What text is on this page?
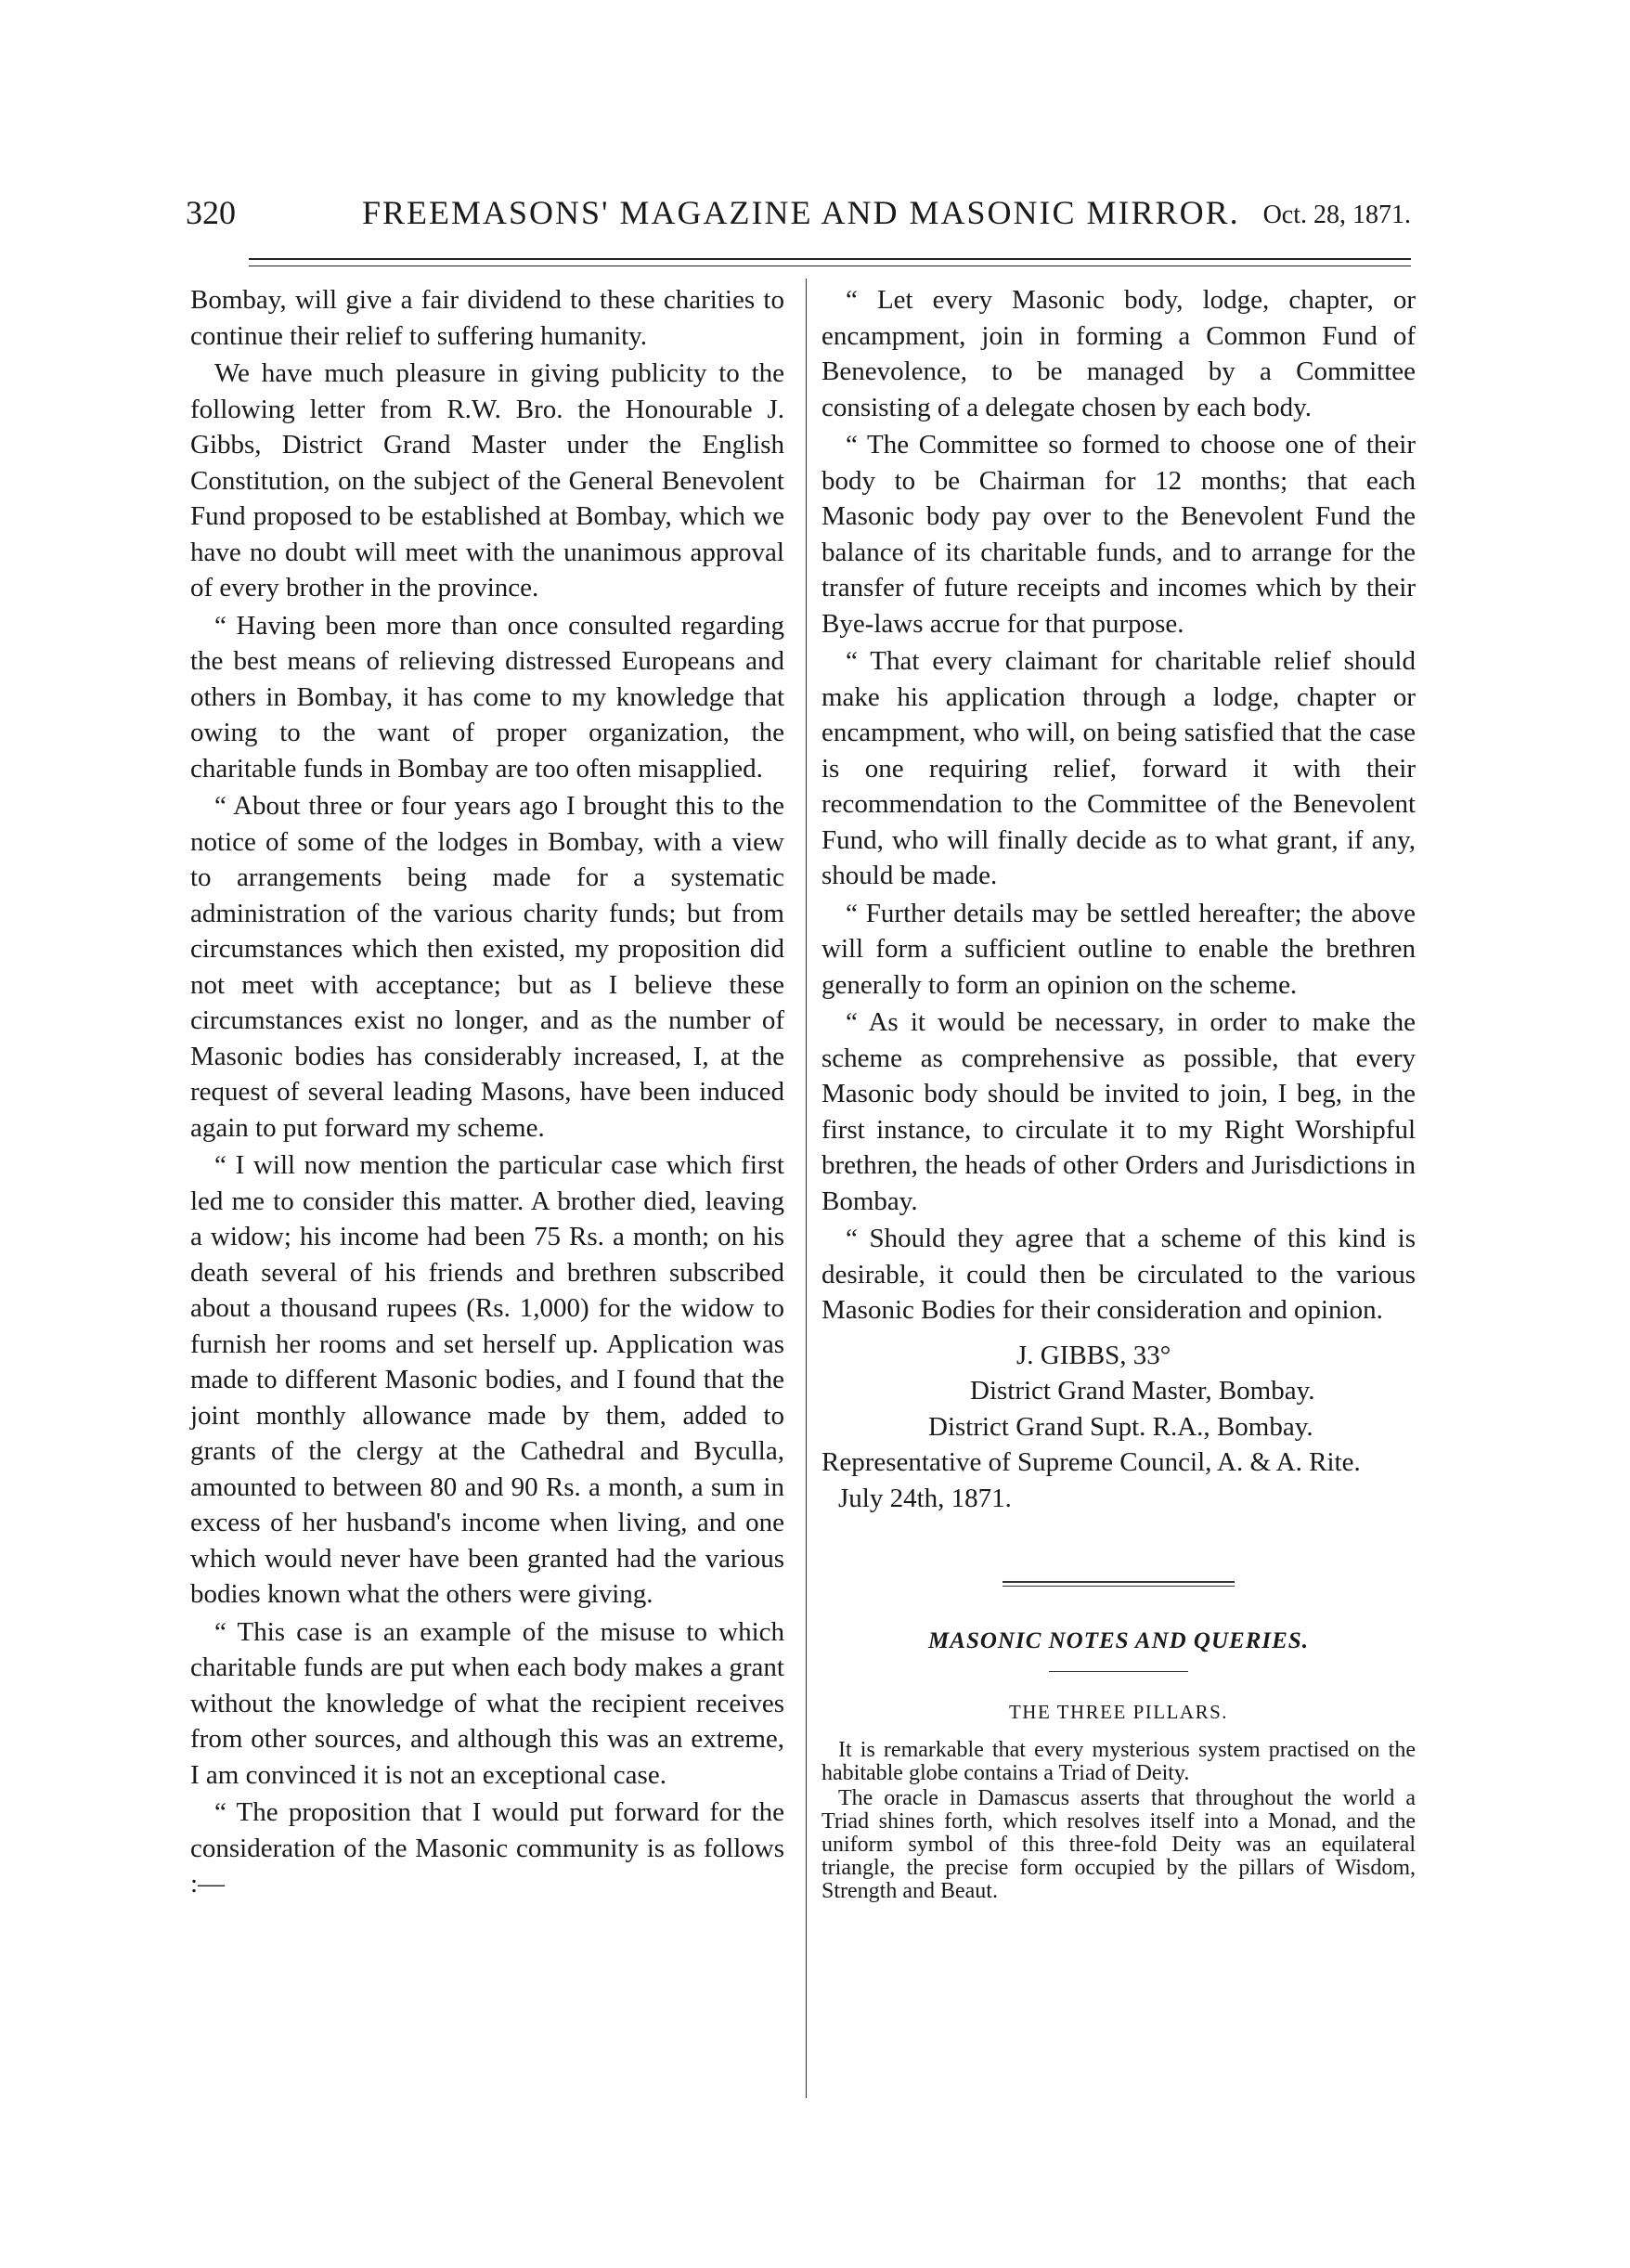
320	FREEMASONS' MAGAZINE AND MASONIC MIRROR. Oct. 28, 1871.

Bombay, will give a fair dividend to these charities to continue their relief to suffering humanity.

We have much pleasure in giving publicity to the following letter from R.W. Bro. the Honourable J. Gibbs, District Grand Master under the English Constitution, on the subject of the General Benevolent Fund proposed to be established at Bombay, which we have no doubt will meet with the unanimous approval of every brother in the province.

“ Having been more than once consulted regarding the best means of relieving distressed Europeans and others in Bombay, it has come to my knowledge that owing to the want of proper organization, the charitable funds in Bombay are too often misapplied.

“ About three or four years ago I brought this to the notice of some of the lodges in Bombay, with a view to arrangements being made for a systematic administration of the various charity funds; but from circumstances which then existed, my proposition did not meet with acceptance; but as I believe these circumstances exist no longer, and as the number of Masonic bodies has considerably increased, I, at the request of several leading Masons, have been induced again to put forward my scheme.

“ I will now mention the particular case which first led me to consider this matter. A brother died, leaving a widow; his income had been 75 Rs. a month; on his death several of his friends and brethren subscribed about a thousand rupees (Rs. 1,000) for the widow to furnish her rooms and set herself up. Application was made to different Masonic bodies, and I found that the joint monthly allowance made by them, added to grants of the clergy at the Cathedral and Byculla, amounted to between 80 and 90 Rs. a month, a sum in excess of her husband's income when living, and one which would never have been granted had the various bodies known what the others were giving.

“ This case is an example of the misuse to which charitable funds are put when each body makes a grant without the knowledge of what the recipient receives from other sources, and although this was an extreme, I am convinced it is not an exceptional case.

“ The proposition that I would put forward for the consideration of the Masonic community is as follows :—

“ Let every Masonic body, lodge, chapter, or encampment, join in forming a Common Fund of Benevolence, to be managed by a Committee consisting of a delegate chosen by each body.

“ The Committee so formed to choose one of their body to be Chairman for 12 months; that each Masonic body pay over to the Benevolent Fund the balance of its charitable funds, and to arrange for the transfer of future receipts and incomes which by their Bye-laws accrue for that purpose.

“ That every claimant for charitable relief should make his application through a lodge, chapter or encampment, who will, on being satisfied that the case is one requiring relief, forward it with their recommendation to the Committee of the Benevolent Fund, who will finally decide as to what grant, if any, should be made.

“ Further details may be settled hereafter; the above will form a sufficient outline to enable the brethren generally to form an opinion on the scheme.

“ As it would be necessary, in order to make the scheme as comprehensive as possible, that every Masonic body should be invited to join, I beg, in the first instance, to circulate it to my Right Worshipful brethren, the heads of other Orders and Jurisdictions in Bombay.

“ Should they agree that a scheme of this kind is desirable, it could then be circulated to the various Masonic Bodies for their consideration and opinion.

J. GIBBS, 33°
District Grand Master, Bombay.
District Grand Supt. R.A., Bombay.
Representative of Supreme Council, A. & A. Rite.
July 24th, 1871.
MASONIC NOTES AND QUERIES.
THE THREE PILLARS.

It is remarkable that every mysterious system practised on the habitable globe contains a Triad of Deity.

The oracle in Damascus asserts that throughout the world a Triad shines forth, which resolves itself into a Monad, and the uniform symbol of this three-fold Deity was an equilateral triangle, the precise form occupied by the pillars of Wisdom, Strength and Beaut.
